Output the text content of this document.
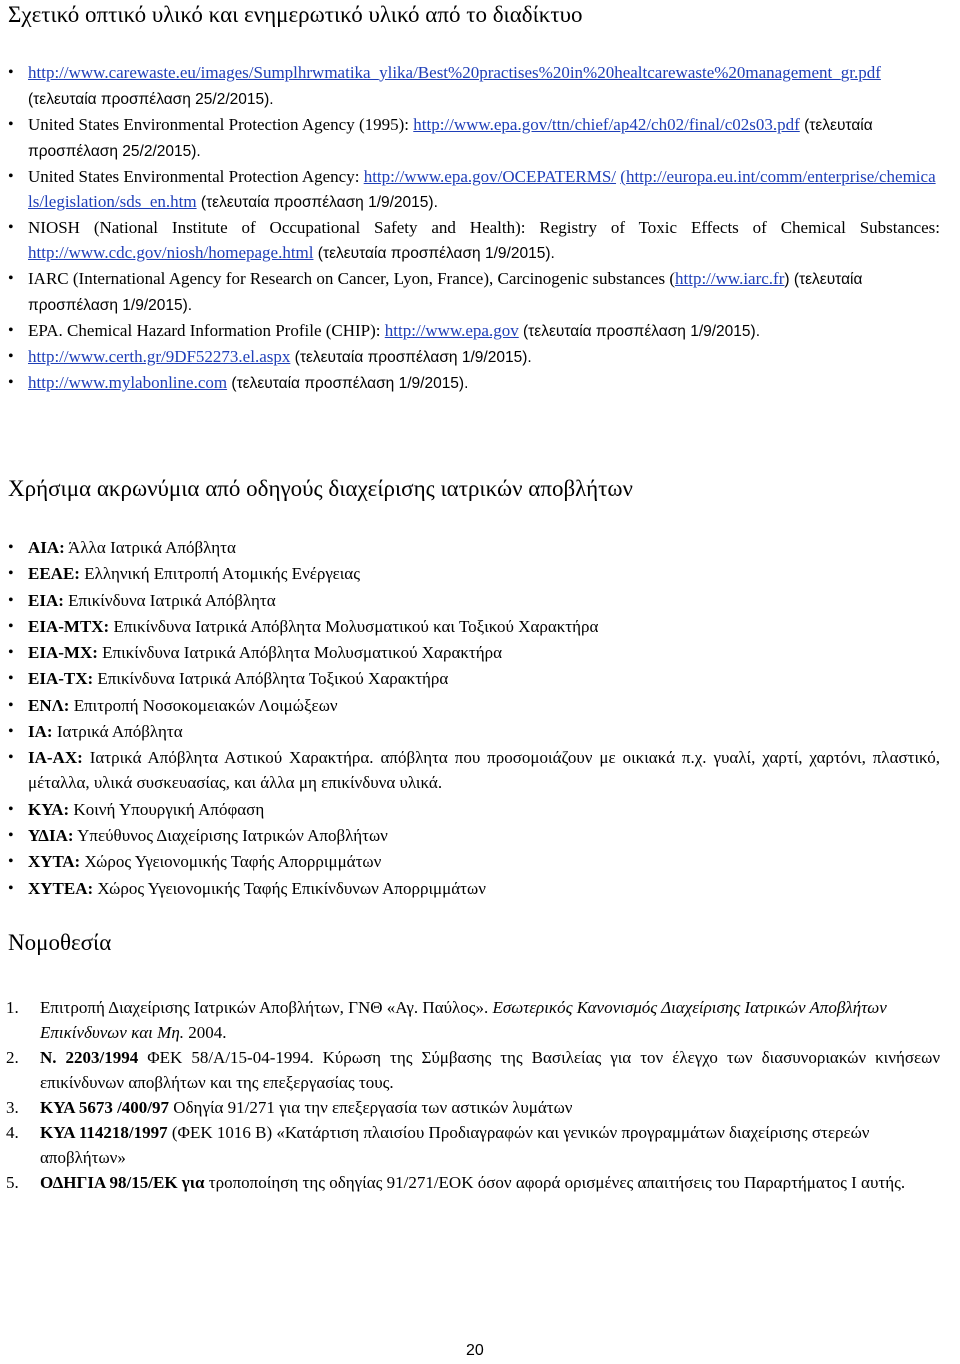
Σχετικό οπτικό υλικό και ενημερωτικό υλικό από το διαδίκτυο
• http://www.carewaste.eu/images/Sumplhrwmatika_ylika/Best%20practises%20in%20healtcarewaste%20management_gr.pdf (τελευταία προσπέλαση 25/2/2015).
• United States Environmental Protection Agency (1995): http://www.epa.gov/ttn/chief/ap42/ch02/final/c02s03.pdf (τελευταία προσπέλαση 25/2/2015).
• United States Environmental Protection Agency: http://www.epa.gov/OCEPATERMS/ (http://europa.eu.int/comm/enterprise/chemicals/legislation/sds_en.htm (τελευταία προσπέλαση 1/9/2015).
• NIOSH (National Institute of Occupational Safety and Health): Registry of Toxic Effects of Chemical Substances: http://www.cdc.gov/niosh/homepage.html (τελευταία προσπέλαση 1/9/2015).
• IARC (International Agency for Research on Cancer, Lyon, France), Carcinogenic substances (http://ww.iarc.fr) (τελευταία προσπέλαση 1/9/2015).
• EPA. Chemical Hazard Information Profile (CHIP): http://www.epa.gov (τελευταία προσπέλαση 1/9/2015).
• http://www.certh.gr/9DF52273.el.aspx (τελευταία προσπέλαση 1/9/2015).
• http://www.mylabonline.com (τελευταία προσπέλαση 1/9/2015).
Χρήσιμα ακρωνύμια από οδηγούς διαχείρισης ιατρικών αποβλήτων
• ΑΙΑ: Άλλα Ιατρικά Απόβλητα
• ΕΕΑΕ: Ελληνική Επιτροπή Ατομικής Ενέργειας
• ΕΙΑ: Επικίνδυνα Ιατρικά Απόβλητα
• ΕΙΑ-ΜΤΧ: Επικίνδυνα Ιατρικά Απόβλητα Μολυσματικού και Τοξικού Χαρακτήρα
• ΕΙΑ-ΜΧ: Επικίνδυνα Ιατρικά Απόβλητα Μολυσματικού Χαρακτήρα
• ΕΙΑ-ΤΧ: Επικίνδυνα Ιατρικά Απόβλητα Τοξικού Χαρακτήρα
• ΕΝΛ: Επιτροπή Νοσοκομειακών Λοιμώξεων
• ΙΑ: Ιατρικά Απόβλητα
• ΙΑ-ΑΧ: Ιατρικά Απόβλητα Αστικού Χαρακτήρα. απόβλητα που προσομοιάζουν με οικιακά π.χ. γυαλί, χαρτί, χαρτόνι, πλαστικό, μέταλλα, υλικά συσκευασίας, και άλλα μη επικίνδυνα υλικά.
• ΚΥΑ: Κοινή Υπουργική Απόφαση
• ΥΔΙΑ: Υπεύθυνος Διαχείρισης Ιατρικών Αποβλήτων
• ΧΥΤΑ: Χώρος Υγειονομικής Ταφής Απορριμμάτων
• ΧΥΤΕΑ: Χώρος Υγειονομικής Ταφής Επικίνδυνων Απορριμμάτων
Νομοθεσία
1. Επιτροπή Διαχείρισης Ιατρικών Αποβλήτων, ΓΝΘ «Αγ. Παύλος». Εσωτερικός Κανονισμός Διαχείρισης Ιατρικών Αποβλήτων Επικίνδυνων και Μη. 2004.
2. Ν. 2203/1994 ΦΕΚ 58/Α/15-04-1994. Κύρωση της Σύμβασης της Βασιλείας για τον έλεγχο των διασυνοριακών κινήσεων επικίνδυνων αποβλήτων και της επεξεργασίας τους.
3. ΚΥΑ 5673 /400/97 Οδηγία 91/271 για την επεξεργασία των αστικών λυμάτων
4. ΚΥΑ 114218/1997 (ΦΕΚ 1016 Β) «Κατάρτιση πλαισίου Προδιαγραφών και γενικών προγραμμάτων διαχείρισης στερεών αποβλήτων»
5. ΟΔΗΓΙΑ 98/15/ΕΚ για τροποποίηση της οδηγίας 91/271/ΕΟΚ όσον αφορά ορισμένες απαιτήσεις του Παραρτήματος Ι αυτής.
20
